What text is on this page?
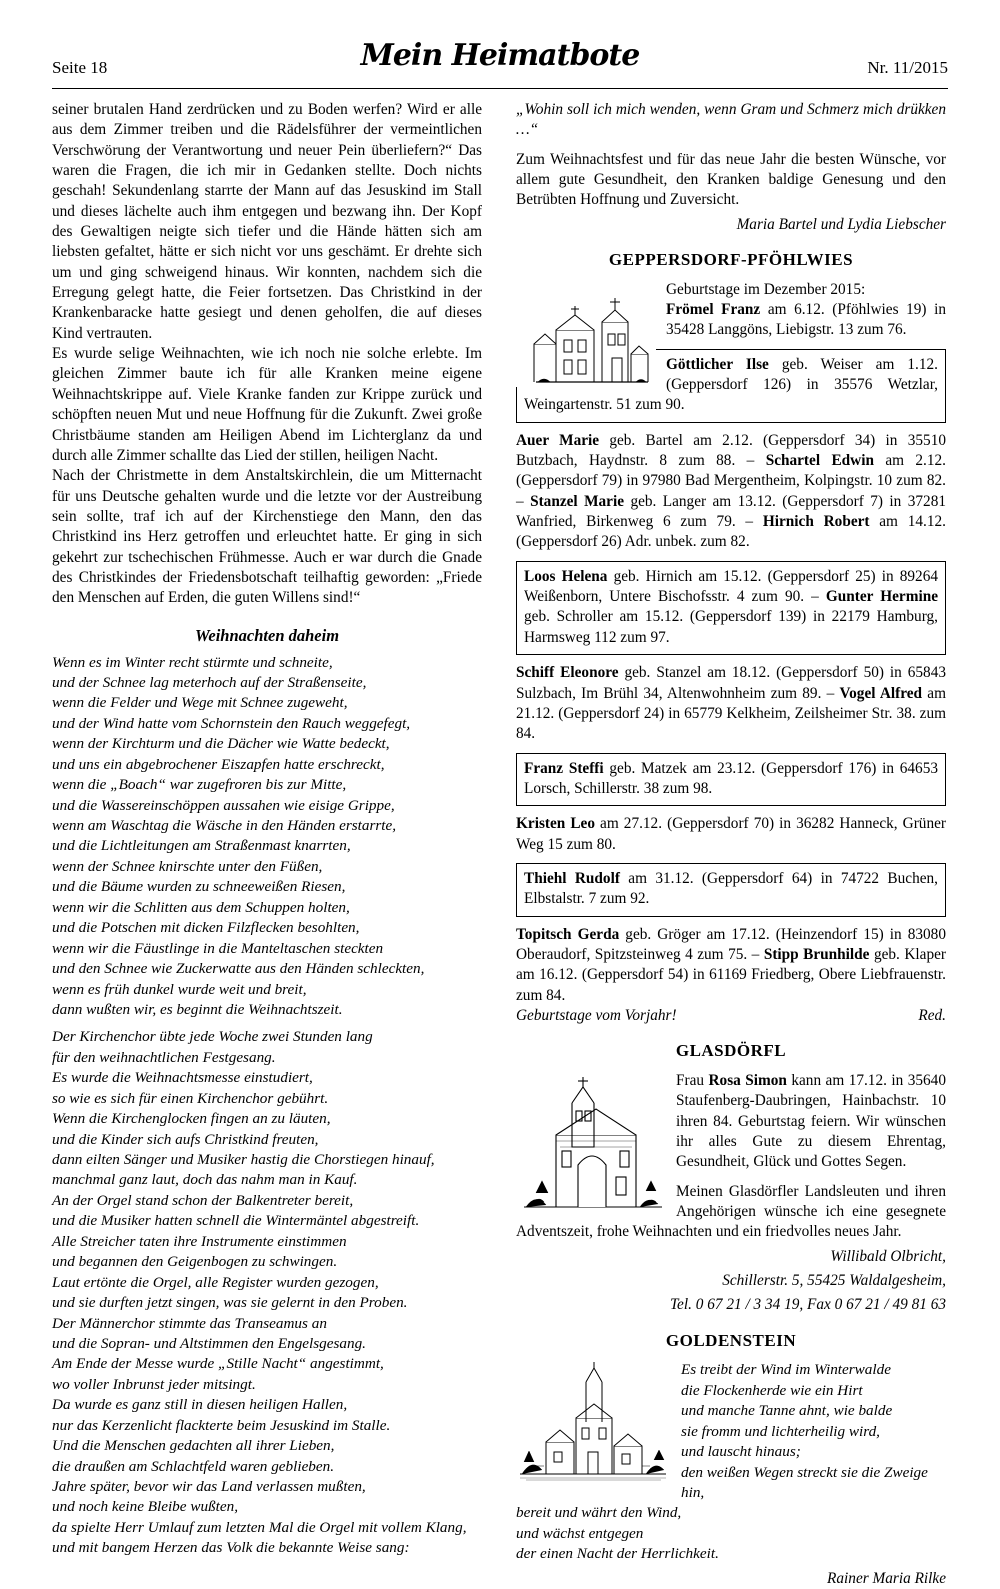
Seite 18	Mein Heimatbote	Nr. 11/2015

seiner brutalen Hand zerdrücken und zu Boden werfen? Wird er alle aus dem Zimmer treiben und die Rädelsführer der vermeintlichen Verschwörung der Verantwortung und neuer Pein überliefern?“ Das waren die Fragen, die ich mir in Gedanken stellte. Doch nichts geschah! Sekundenlang starrte der Mann auf das Jesuskind im Stall und dieses lächelte auch ihm entgegen und bezwang ihn. Der Kopf des Gewaltigen neigte sich tiefer und die Hände hätten sich am liebsten gefaltet, hätte er sich nicht vor uns geschämt. Er drehte sich um und ging schweigend hinaus. Wir konnten, nachdem sich die Erregung gelegt hatte, die Feier fortsetzen. Das Christkind in der Krankenbaracke hatte gesiegt und denen geholfen, die auf dieses Kind vertrauten.

Es wurde selige Weihnachten, wie ich noch nie solche erlebte. Im gleichen Zimmer baute ich für alle Kranken meine eigene Weihnachtskrippe auf. Viele Kranke fanden zur Krippe zurück und schöpften neuen Mut und neue Hoffnung für die Zukunft. Zwei große Christbäume standen am Heiligen Abend im Lichterglanz da und durch alle Zimmer schallte das Lied der stillen, heiligen Nacht.

Nach der Christmette in dem Anstaltskirchlein, die um Mitternacht für uns Deutsche gehalten wurde und die letzte vor der Austreibung sein sollte, traf ich auf der Kirchenstiege den Mann, den das Christkind ins Herz getroffen und erleuchtet hatte. Er ging in sich gekehrt zur tschechischen Frühmesse. Auch er war durch die Gnade des Christkindes der Friedensbotschaft teilhaftig geworden: „Friede den Menschen auf Erden, die guten Willens sind!“

Weihnachten daheim
Wenn es im Winter recht stürmte und schneite,
und der Schnee lag meterhoch auf der Straßenseite,
wenn die Felder und Wege mit Schnee zugeweht,
und der Wind hatte vom Schornstein den Rauch weggefegt,
wenn der Kirchturm und die Dächer wie Watte bedeckt,
und uns ein abgebrochener Eiszapfen hatte erschreckt,
wenn die „Boach“ war zugefroren bis zur Mitte,
und die Wassereinschöppen aussahen wie eisige Grippe,
wenn am Waschtag die Wäsche in den Händen erstarrte,
und die Lichtleitungen am Straßenmast knarrten,
wenn der Schnee knirschte unter den Füßen,
und die Bäume wurden zu schneeweißen Riesen,
wenn wir die Schlitten aus dem Schuppen holten,
und die Potschen mit dicken Filzflecken besohlten,
wenn wir die Fäustlinge in die Manteltaschen steckten
und den Schnee wie Zuckerwatte aus den Händen schleckten,
wenn es früh dunkel wurde weit und breit,
dann wußten wir, es beginnt die Weihnachtszeit.
Der Kirchenchor übte jede Woche zwei Stunden lang
für den weihnachtlichen Festgesang.
Es wurde die Weihnachtsmesse einstudiert,
so wie es sich für einen Kirchenchor gebührt.
Wenn die Kirchenglocken fingen an zu läuten,
und die Kinder sich aufs Christkind freuten,
dann eilten Sänger und Musiker hastig die Chorstiegen hinauf,
manchmal ganz laut, doch das nahm man in Kauf.
An der Orgel stand schon der Balkentreter bereit,
und die Musiker hatten schnell die Wintermäntel abgestreift.
Alle Streicher taten ihre Instrumente einstimmen
und begannen den Geigenbogen zu schwingen.
Laut ertönte die Orgel, alle Register wurden gezogen,
und sie durften jetzt singen, was sie gelernt in den Proben.
Der Männerchor stimmte das Transeamus an
und die Sopran- und Altstimmen den Engelsgesang.
Am Ende der Messe wurde „Stille Nacht“ angestimmt,
wo voller Inbrunst jeder mitsingt.
Da wurde es ganz still in diesen heiligen Hallen,
nur das Kerzenlicht flackterte beim Jesuskind im Stalle.
Und die Menschen gedachten all ihrer Lieben,
die draußen am Schlachtfeld waren geblieben.
Jahre später, bevor wir das Land verlassen mußten,
und noch keine Bleibe wußten,
da spielte Herr Umlauf zum letzten Mal die Orgel mit vollem Klang,
und mit bangem Herzen das Volk die bekannte Weise sang:

„Wohin soll ich mich wenden, wenn Gram und Schmerz mich drükken …“

Zum Weihnachtsfest und für das neue Jahr die besten Wünsche, vor allem gute Gesundheit, den Kranken baldige Genesung und den Betrübten Hoffnung und Zuversicht.

Maria Bartel und Lydia Liebscher
GEPPERSDORF-PFÖHLWIES

Geburtstage im Dezember 2015:

Frömel Franz am 6.12. (Pföhlwies 19) in 35428 Langgöns, Liebigstr. 13 zum 76.

Göttlicher Ilse geb. Weiser am 1.12. (Geppersdorf 126) in 35576 Wetzlar, Weingartenstr. 51 zum 90.

Auer Marie geb. Bartel am 2.12. (Geppersdorf 34) in 35510 Butzbach, Haydnstr. 8 zum 88. – Schartel Edwin am 2.12. (Geppersdorf 79) in 97980 Bad Mergentheim, Kolpingstr. 10 zum 82. – Stanzel Marie geb. Langer am 13.12. (Geppersdorf 7) in 37281 Wanfried, Birkenweg 6 zum 79. – Hirnich Robert am 14.12. (Geppersdorf 26) Adr. unbek. zum 82.

Loos Helena geb. Hirnich am 15.12. (Geppersdorf 25) in 89264 Weißenborn, Untere Bischofsstr. 4 zum 90. – Gunter Hermine geb. Schroller am 15.12. (Geppersdorf 139) in 22179 Hamburg, Harmsweg 112 zum 97.

Schiff Eleonore geb. Stanzel am 18.12. (Geppersdorf 50) in 65843 Sulzbach, Im Brühl 34, Altenwohnheim zum 89. – Vogel Alfred am 21.12. (Geppersdorf 24) in 65779 Kelkheim, Zeilsheimer Str. 38. zum 84.

Franz Steffi geb. Matzek am 23.12. (Geppersdorf 176) in 64653 Lorsch, Schillerstr. 38 zum 98.

Kristen Leo am 27.12. (Geppersdorf 70) in 36282 Hanneck, Grüner Weg 15 zum 80.

Thiehl Rudolf am 31.12. (Geppersdorf 64) in 74722 Buchen, Elbstalstr. 7 zum 92.

Topitsch Gerda geb. Gröger am 17.12. (Heinzendorf 15) in 83080 Oberaudorf, Spitzsteinweg 4 zum 75. – Stipp Brunhilde geb. Klaper am 16.12. (Geppersdorf 54) in 61169 Friedberg, Obere Liebfrauenstr. zum 84.

Geburtstage vom Vorjahr!	Red.
GLASDÖRFL

Frau Rosa Simon kann am 17.12. in 35640 Staufenberg-Daubringen, Hainbachstr. 10 ihren 84. Geburtstag feiern. Wir wünschen ihr alles Gute zu diesem Ehrentag, Gesundheit, Glück und Gottes Segen.

Meinen Glasdörfler Landsleuten und ihren Angehörigen wünsche ich eine gesegnete Adventszeit, frohe Weihnachten und ein friedvolles neues Jahr.

Willibald Olbricht,
Schillerstr. 5, 55425 Waldalgesheim,
Tel. 0 67 21 / 3 34 19, Fax 0 67 21 / 49 81 63
GOLDENSTEIN
Es treibt der Wind im Winterwalde
die Flockenherde wie ein Hirt
und manche Tanne ahnt, wie balde
sie fromm und lichterheilig wird,
und lauscht hinaus;
den weißen Wegen streckt sie die Zweige hin,
bereit und währt den Wind,
und wächst entgegen
der einen Nacht der Herrlichkeit.
Rainer Maria Rilke
